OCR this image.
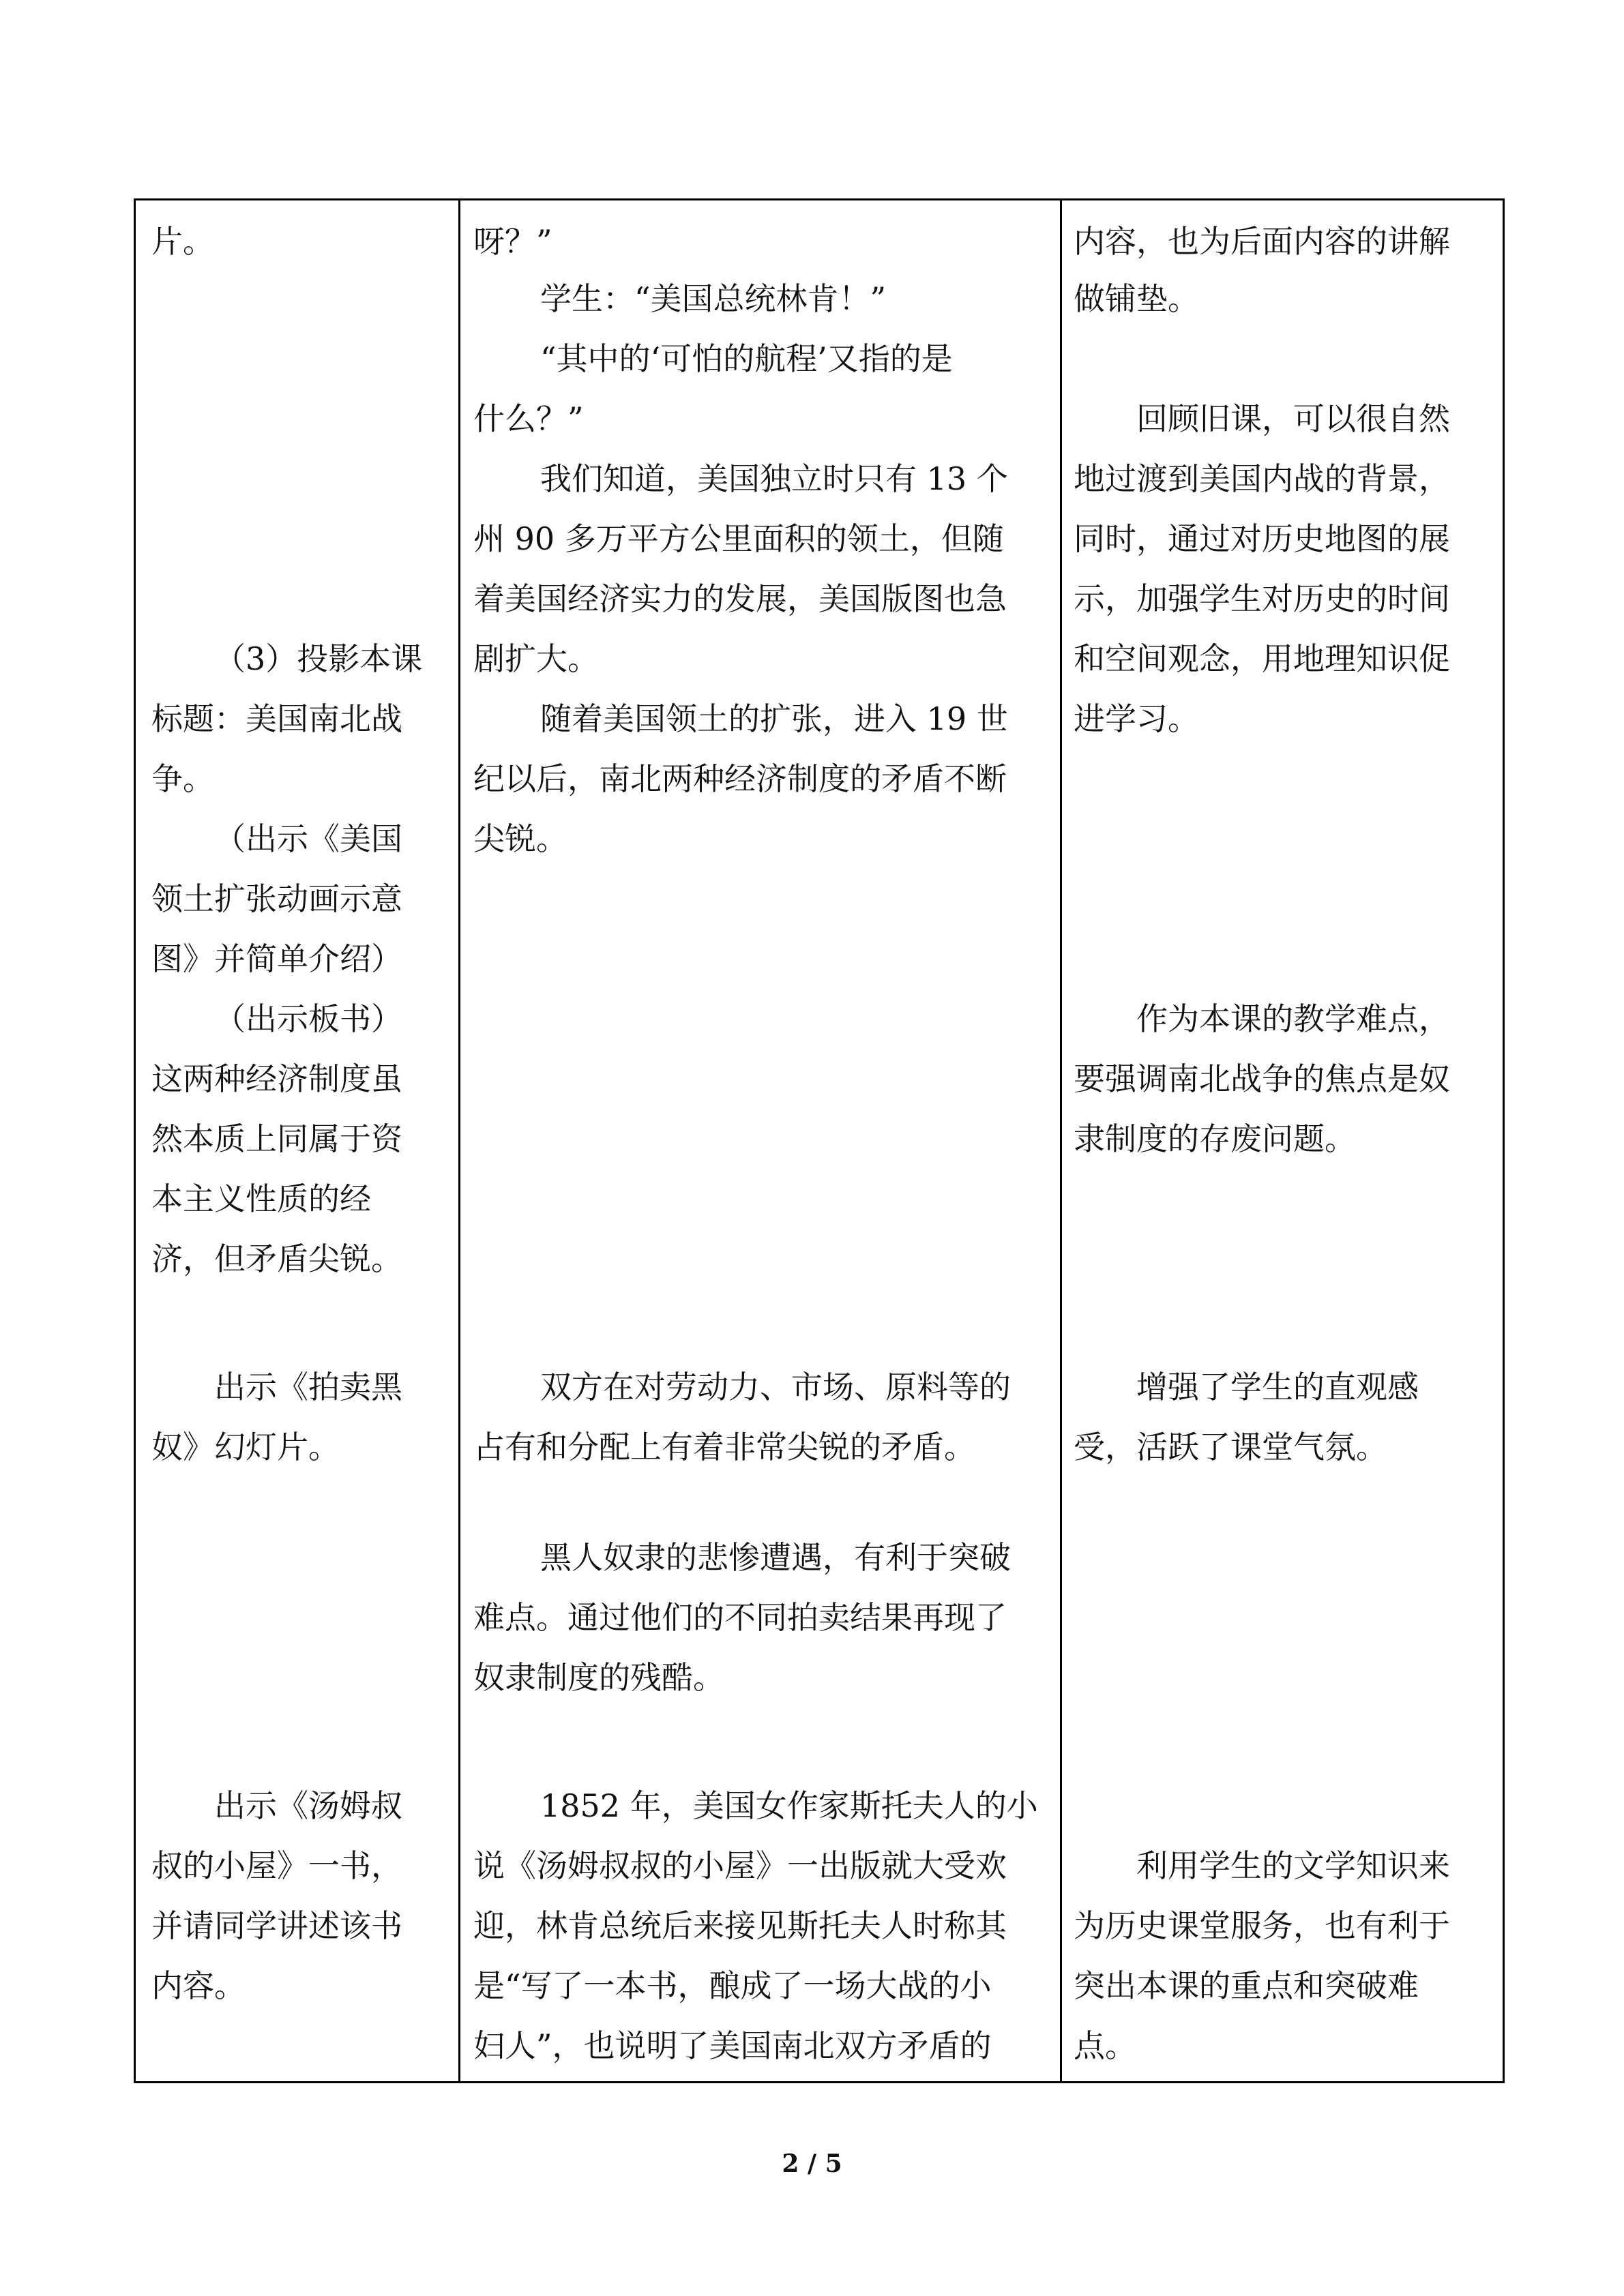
片。
（3）投影本课
标题：美国南北战
争。
（出示《美国
领土扩张动画示意
图》并简单介绍）
（出示板书）
这两种经济制度虽
然本质上同属于资
本主义性质的经
济，但矛盾尖锐。
出示《拍卖黑
奴》幻灯片。
出示《汤姆叔
叔的小屋》一书，
并请同学讲述该书
内容。
呀？”
学生：“美国总统林肯！”
“其中的‘可怕的航程’又指的是
什么？”
我们知道，美国独立时只有 13 个
州 90 多万平方公里面积的领土，但随
着美国经济实力的发展，美国版图也急
剧扩大。
随着美国领土的扩张，进入 19 世
纪以后，南北两种经济制度的矛盾不断
尖锐。
双方在对劳动力、市场、原料等的
占有和分配上有着非常尖锐的矛盾。
黑人奴隶的悲惨遭遇，有利于突破
难点。通过他们的不同拍卖结果再现了
奴隶制度的残酷。
1852 年，美国女作家斯托夫人的小
说《汤姆叔叔的小屋》一出版就大受欢
迎，林肯总统后来接见斯托夫人时称其
是“写了一本书，酿成了一场大战的小
妇人”，也说明了美国南北双方矛盾的
内容，也为后面内容的讲解
做铺垫。
回顾旧课，可以很自然
地过渡到美国内战的背景，
同时，通过对历史地图的展
示，加强学生对历史的时间
和空间观念，用地理知识促
进学习。
作为本课的教学难点，
要强调南北战争的焦点是奴
隶制度的存废问题。
增强了学生的直观感
受，活跃了课堂气氛。
利用学生的文学知识来
为历史课堂服务，也有利于
突出本课的重点和突破难
点。
2 / 5
